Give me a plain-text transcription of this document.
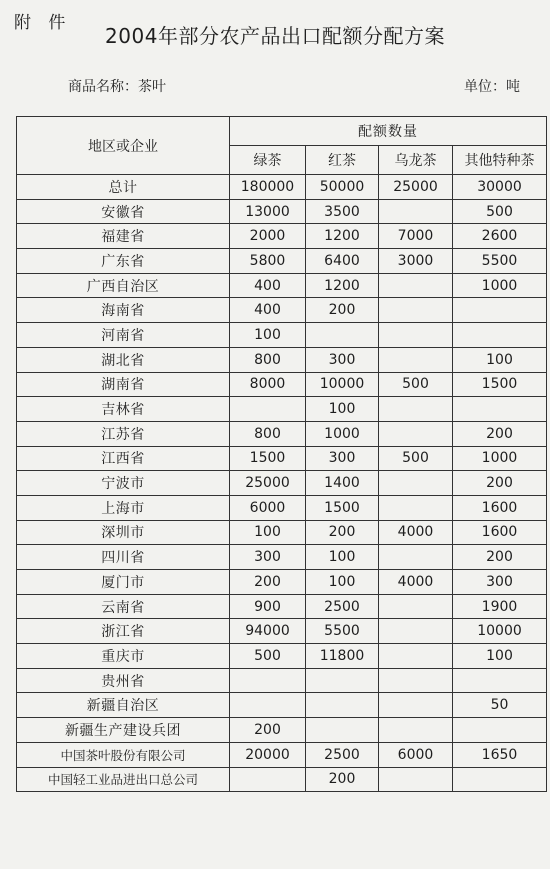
附 件
2004年部分农产品出口配额分配方案
商品名称：茶叶	单位：吨
地区或企业	配额数量			
	绿茶	红茶	乌龙茶	其他特种茶
总计	180000	50000	25000	30000
安徽省	13000	3500		500
福建省	2000	1200	7000	2600
广东省	5800	6400	3000	5500
广西自治区	400	1200		1000
海南省	400	200		
河南省	100			
湖北省	800	300		100
湖南省	8000	10000	500	1500
吉林省		100		
江苏省	800	1000		200
江西省	1500	300	500	1000
宁波市	25000	1400		200
上海市	6000	1500		1600
深圳市	100	200	4000	1600
四川省	300	100		200
厦门市	200	100	4000	300
云南省	900	2500		1900
浙江省	94000	5500		10000
重庆市	500	11800		100
贵州省				
新疆自治区				50
新疆生产建设兵团	200			
中国茶叶股份有限公司	20000	2500	6000	1650
中国轻工业品进出口总公司		200		
